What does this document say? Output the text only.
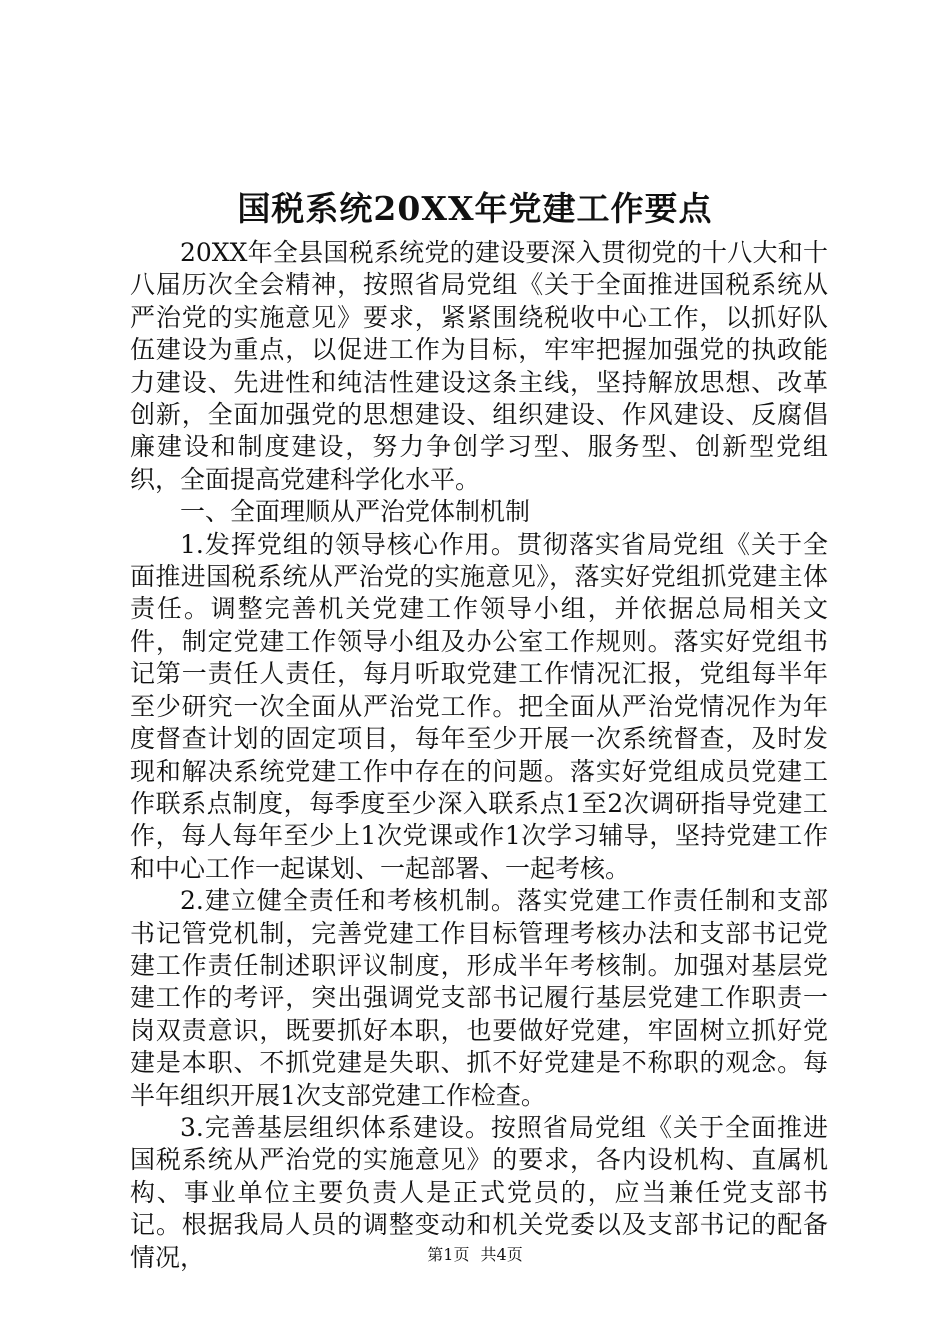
国税系统20XX年党建工作要点

20XX年全县国税系统党的建设要深入贯彻党的十八大和十八届历次全会精神，按照省局党组《关于全面推进国税系统从严治党的实施意见》要求，紧紧围绕税收中心工作，以抓好队伍建设为重点，以促进工作为目标，牢牢把握加强党的执政能力建设、先进性和纯洁性建设这条主线，坚持解放思想、改革创新，全面加强党的思想建设、组织建设、作风建设、反腐倡廉建设和制度建设，努力争创学习型、服务型、创新型党组织，全面提高党建科学化水平。

一、全面理顺从严治党体制机制

1.发挥党组的领导核心作用。贯彻落实省局党组《关于全面推进国税系统从严治党的实施意见》，落实好党组抓党建主体责任。调整完善机关党建工作领导小组，并依据总局相关文件，制定党建工作领导小组及办公室工作规则。落实好党组书记第一责任人责任，每月听取党建工作情况汇报，党组每半年至少研究一次全面从严治党工作。把全面从严治党情况作为年度督查计划的固定项目，每年至少开展一次系统督查，及时发现和解决系统党建工作中存在的问题。落实好党组成员党建工作联系点制度，每季度至少深入联系点1至2次调研指导党建工作，每人每年至少上1次党课或作1次学习辅导，坚持党建工作和中心工作一起谋划、一起部署、一起考核。

2.建立健全责任和考核机制。落实党建工作责任制和支部书记管党机制，完善党建工作目标管理考核办法和支部书记党建工作责任制述职评议制度，形成半年考核制。加强对基层党建工作的考评，突出强调党支部书记履行基层党建工作职责一岗双责意识，既要抓好本职，也要做好党建，牢固树立抓好党建是本职、不抓党建是失职、抓不好党建是不称职的观念。每半年组织开展1次支部党建工作检查。

3.完善基层组织体系建设。按照省局党组《关于全面推进国税系统从严治党的实施意见》的要求，各内设机构、直属机构、事业单位主要负责人是正式党员的，应当兼任党支部书记。根据我局人员的调整变动和机关党委以及支部书记的配备情况，	第1页 共4页
